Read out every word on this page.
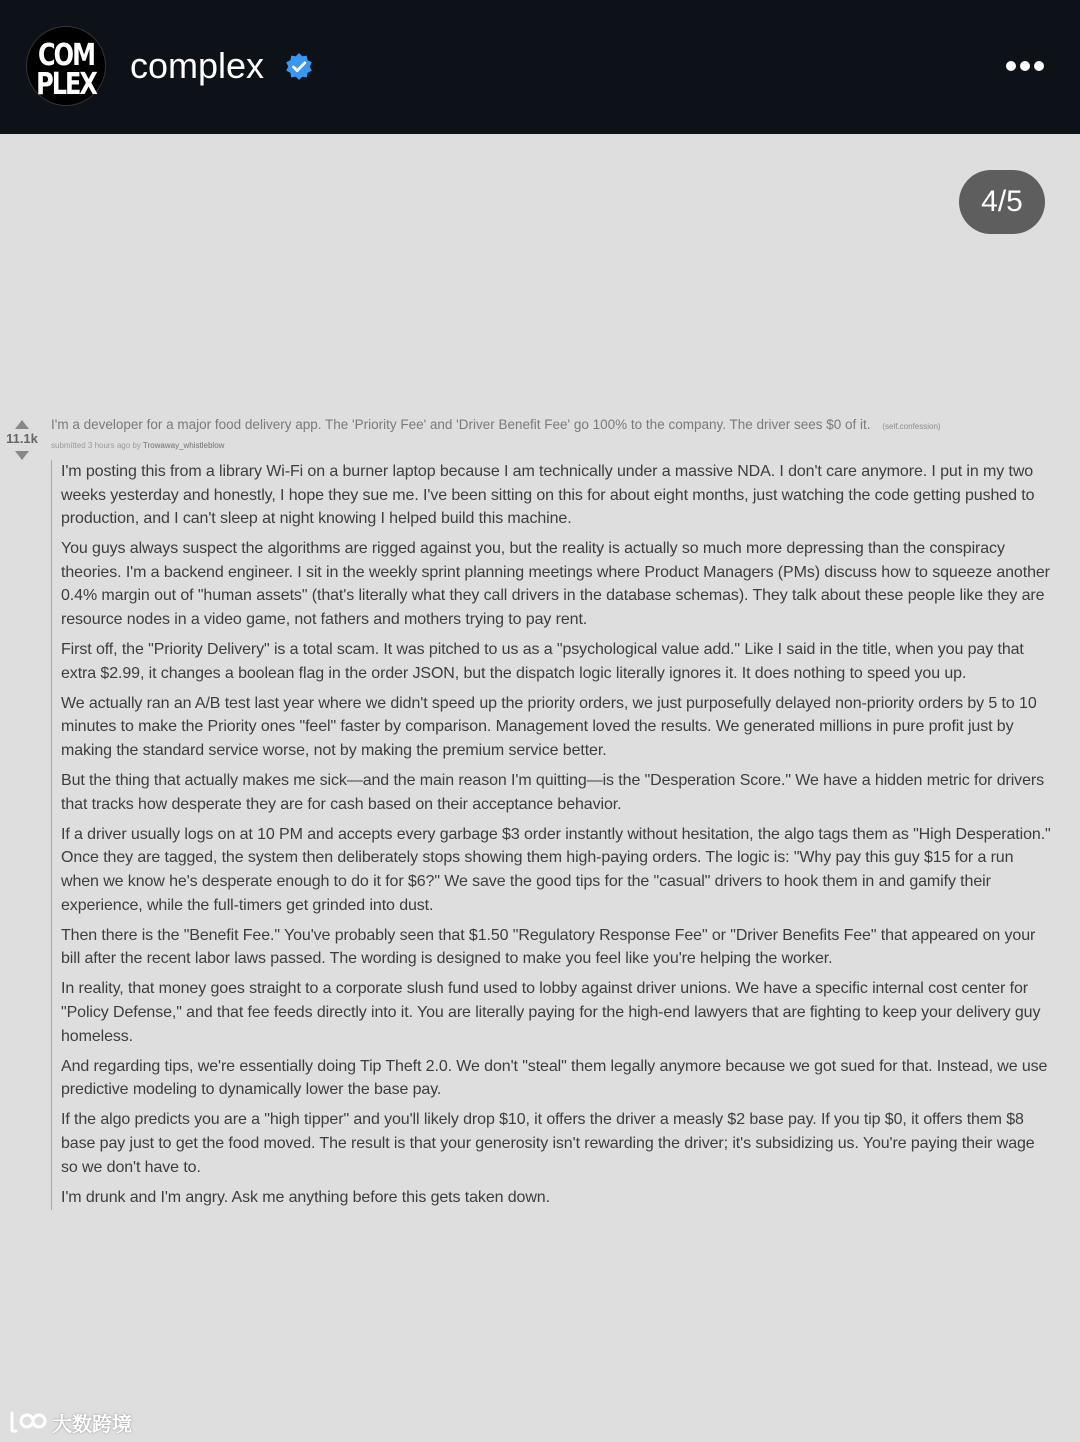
COM
PLEX complex
4/5
11.1k
I'm a developer for a major food delivery app. The 'Priority Fee' and 'Driver Benefit Fee' go 100% to the company. The driver sees $0 of it. (self.confession)
submitted 3 hours ago by Trowaway_whistleblow

I'm posting this from a library Wi-Fi on a burner laptop because I am technically under a massive NDA. I don't care anymore. I put in my two weeks yesterday and honestly, I hope they sue me. I've been sitting on this for about eight months, just watching the code getting pushed to production, and I can't sleep at night knowing I helped build this machine.

You guys always suspect the algorithms are rigged against you, but the reality is actually so much more depressing than the conspiracy theories. I'm a backend engineer. I sit in the weekly sprint planning meetings where Product Managers (PMs) discuss how to squeeze another 0.4% margin out of "human assets" (that's literally what they call drivers in the database schemas). They talk about these people like they are resource nodes in a video game, not fathers and mothers trying to pay rent.

First off, the "Priority Delivery" is a total scam. It was pitched to us as a "psychological value add." Like I said in the title, when you pay that extra $2.99, it changes a boolean flag in the order JSON, but the dispatch logic literally ignores it. It does nothing to speed you up.

We actually ran an A/B test last year where we didn't speed up the priority orders, we just purposefully delayed non-priority orders by 5 to 10 minutes to make the Priority ones "feel" faster by comparison. Management loved the results. We generated millions in pure profit just by making the standard service worse, not by making the premium service better.

But the thing that actually makes me sick—and the main reason I'm quitting—is the "Desperation Score." We have a hidden metric for drivers that tracks how desperate they are for cash based on their acceptance behavior.

If a driver usually logs on at 10 PM and accepts every garbage $3 order instantly without hesitation, the algo tags them as "High Desperation." Once they are tagged, the system then deliberately stops showing them high-paying orders. The logic is: "Why pay this guy $15 for a run when we know he's desperate enough to do it for $6?" We save the good tips for the "casual" drivers to hook them in and gamify their experience, while the full-timers get grinded into dust.

Then there is the "Benefit Fee." You've probably seen that $1.50 "Regulatory Response Fee" or "Driver Benefits Fee" that appeared on your bill after the recent labor laws passed. The wording is designed to make you feel like you're helping the worker.

In reality, that money goes straight to a corporate slush fund used to lobby against driver unions. We have a specific internal cost center for "Policy Defense," and that fee feeds directly into it. You are literally paying for the high-end lawyers that are fighting to keep your delivery guy homeless.

And regarding tips, we're essentially doing Tip Theft 2.0. We don't "steal" them legally anymore because we got sued for that. Instead, we use predictive modeling to dynamically lower the base pay.

If the algo predicts you are a "high tipper" and you'll likely drop $10, it offers the driver a measly $2 base pay. If you tip $0, it offers them $8 base pay just to get the food moved. The result is that your generosity isn't rewarding the driver; it's subsidizing us. You're paying their wage so we don't have to.

I'm drunk and I'm angry. Ask me anything before this gets taken down.

大数跨境
